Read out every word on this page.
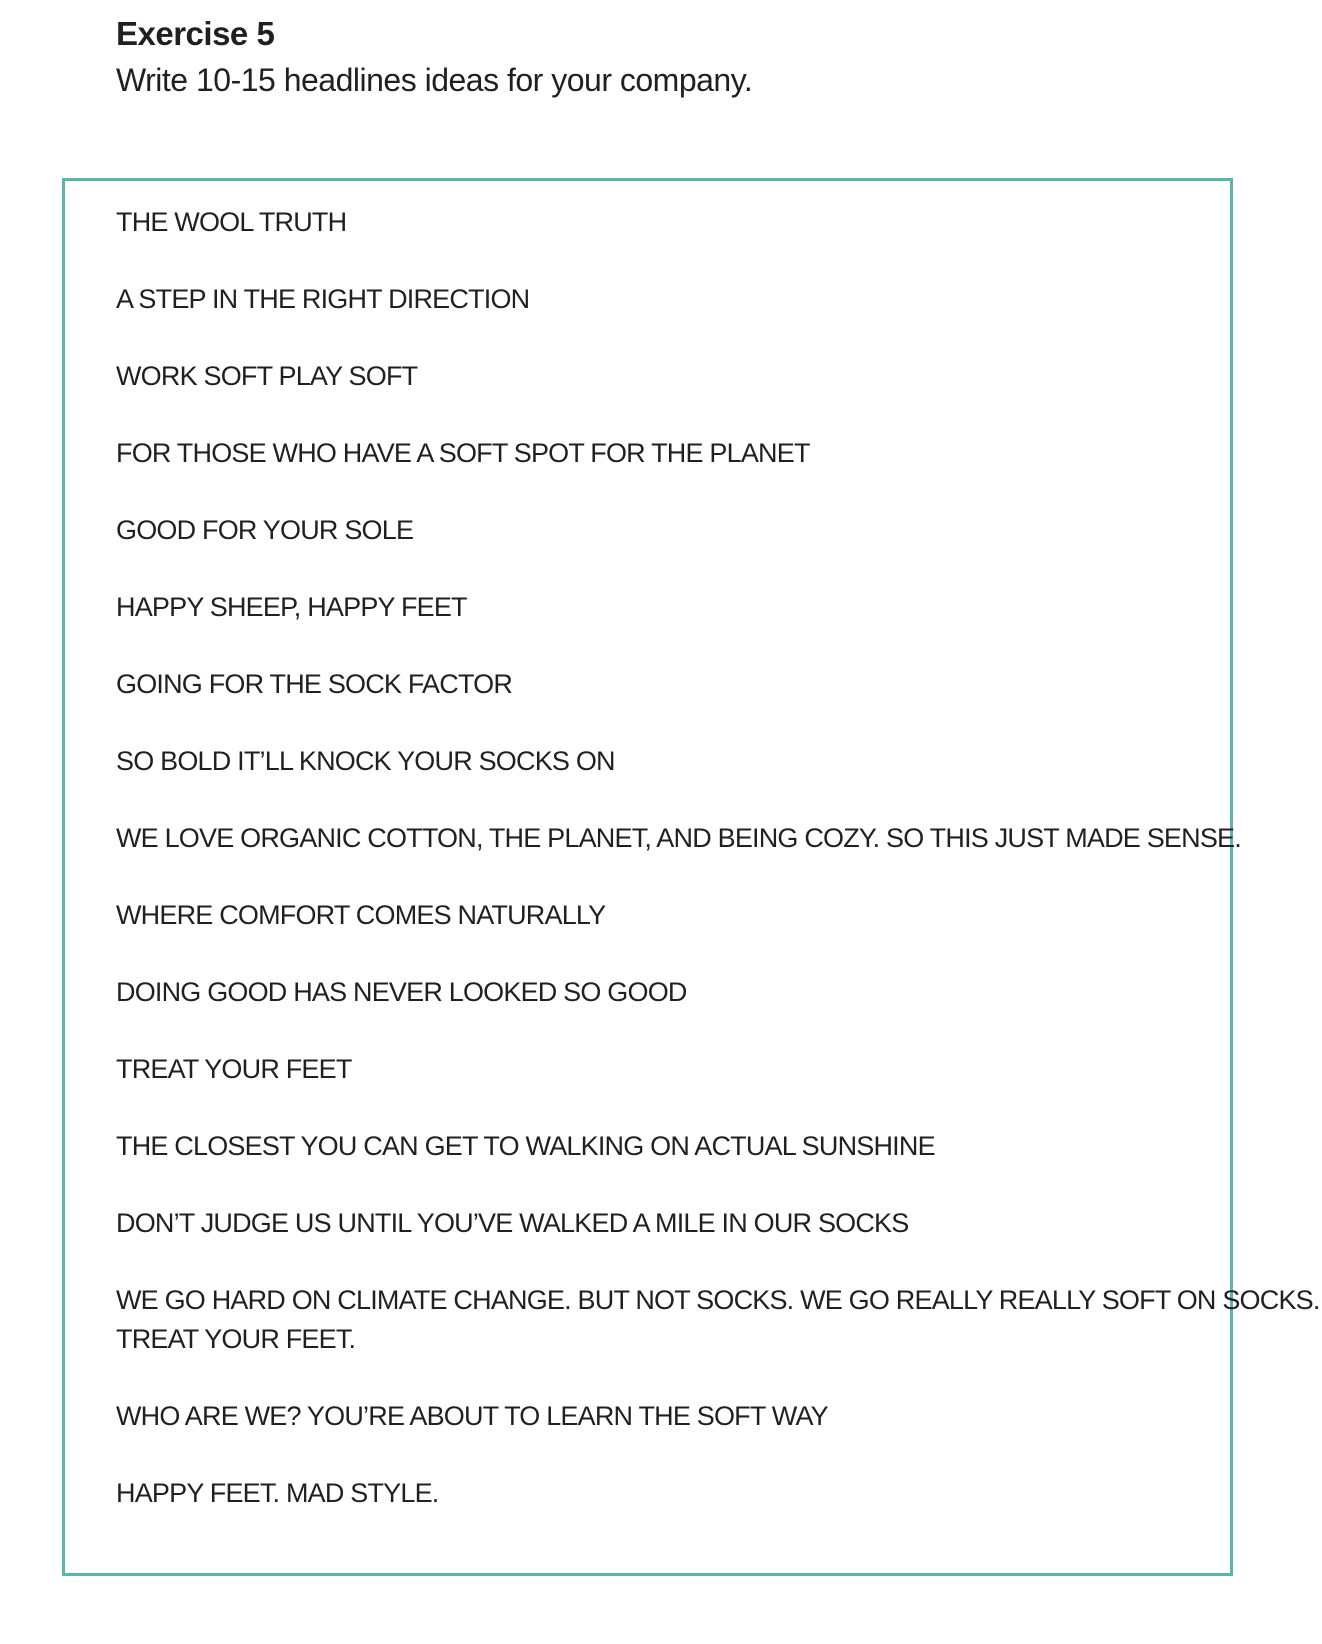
Exercise 5
Write 10-15 headlines ideas for your company.
THE WOOL TRUTH
A STEP IN THE RIGHT DIRECTION
WORK SOFT PLAY SOFT
FOR THOSE WHO HAVE A SOFT SPOT FOR THE PLANET
GOOD FOR YOUR SOLE
HAPPY SHEEP, HAPPY FEET
GOING FOR THE SOCK FACTOR
SO BOLD IT’LL KNOCK YOUR SOCKS ON
WE LOVE ORGANIC COTTON, THE PLANET, AND BEING COZY. SO THIS JUST MADE SENSE.
WHERE COMFORT COMES NATURALLY
DOING GOOD HAS NEVER LOOKED SO GOOD
TREAT YOUR FEET
THE CLOSEST YOU CAN GET TO WALKING ON ACTUAL SUNSHINE
DON’T JUDGE US UNTIL YOU’VE WALKED A MILE IN OUR SOCKS
WE GO HARD ON CLIMATE CHANGE. BUT NOT SOCKS. WE GO REALLY REALLY SOFT ON SOCKS.
TREAT YOUR FEET.
WHO ARE WE? YOU’RE ABOUT TO LEARN THE SOFT WAY
HAPPY FEET. MAD STYLE.
